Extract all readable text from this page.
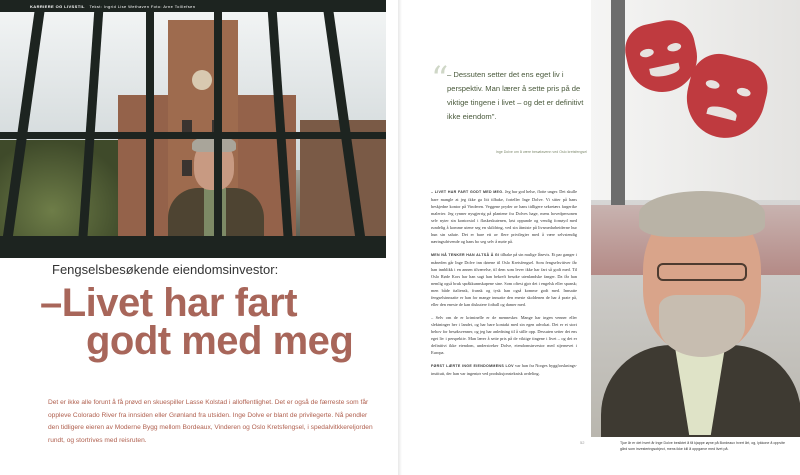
KARRIERE OG LIVSSTIL Tekst: Ingrid Lise Wethaven Foto: Arne Tolllefsen
Fengselsbesøkende eiendomsinvestor:
–Livet har fart
godt med meg
Det er ikke alle forunt å få prøvd en skuespiller Lasse Kolstad i alloffentlighet. Det er også de færreste som får oppleve Colorado River fra innsiden eller Grønland fra utsiden. Inge Dolve er blant de privilegerte. Nå pendler den tidligere eieren av Moderne Bygg mellom Bordeaux, Vinderen og Oslo Kretsfengsel, i spedalvitkkereljorden rundt, og stortrives med reisruten.
“
– Dessuten setter det ens eget liv i perspektiv. Man lærer å sette pris på de viktige tingene i livet – og det er definitivt ikke eiendom".
Inge Dolve om å være besøksvenn ved Oslo kretsfengsel

– LIVET HAR FART GODT MED MEG. Jeg har god helse, flotte unger. Det skulle bare mangle at jeg ikke ga litt tilbake, forteller Inge Dolve. Vi sitter på hans beskjedne kontor på Vinderen. Veggene pryder av hans tidligere sekretærs fargerike malerier. Jeg rynner nysgjerrig på plantene fra Dolves hage, mens hovedpersonen selv nyter sin kontorstol i flaskeskutenen, løst oppunde og vendig fornøyd med rundelig å komme utene seg en skildring, ved sin åtmiste på livsmedarbeiderne hur hun sin salute. Det er bare ett av flere privilegier med å være selvstendig næringsdrivende og hans bo seg selv å møte på.

MEN NÅ TENKER HAN ALTSÅ Å GI tilbake på sin mulige låsevis. Et par ganger i måneden går Inge Dolve inn dørene til Oslo Kretsfengsel. Som fengselsvitiver får han innblikk i en annen tilværelse, til dem som lever ikke har fart så godt med. Til Oslo Røde Kors har han sagt han bekreft besøke utenlandske fanger. Da får han nemlig også bruk språkkunnskapene sine. Som oftest gjør det i engelsk eller spansk; men både italiensk, fransk og tysk han også komme godt med. Innsatte fengselsinnsatte er han for mange innsatte den eneste skoldenen de har å prate på, eller den eneste de kan diskutere fotball og damer med.

– Selv om de er kriminelle er de mennesker. Mange har ingen venner eller slektninger her i landet, og har bare kontakt med sin egen advokat. Det er et stort behov for besøksvenner, og jeg har anledning til å stille opp. Dessuten setter det ens eget liv i perspektiv. Man lærer å sette pris på de viktige tingene i livet – og det er definitivt ikke eiendom, understreker Dolve, eiendomsinvestor med stjernevei i Europa.

FØRST LÆRTE INGE EIENDOMMENS LOV var han fra Norges byggforsknings-institutt, der han var ingeniør ved produksjonsteknisk avdeling.

52	Tjue år er det hvert år Inge Dolve besiktet å få kjappe øyne på Bordeaux hvert årt, og, lykkone å oppvite gård som investeringsobject, mens ikke kill å oppgarve med livet på.
